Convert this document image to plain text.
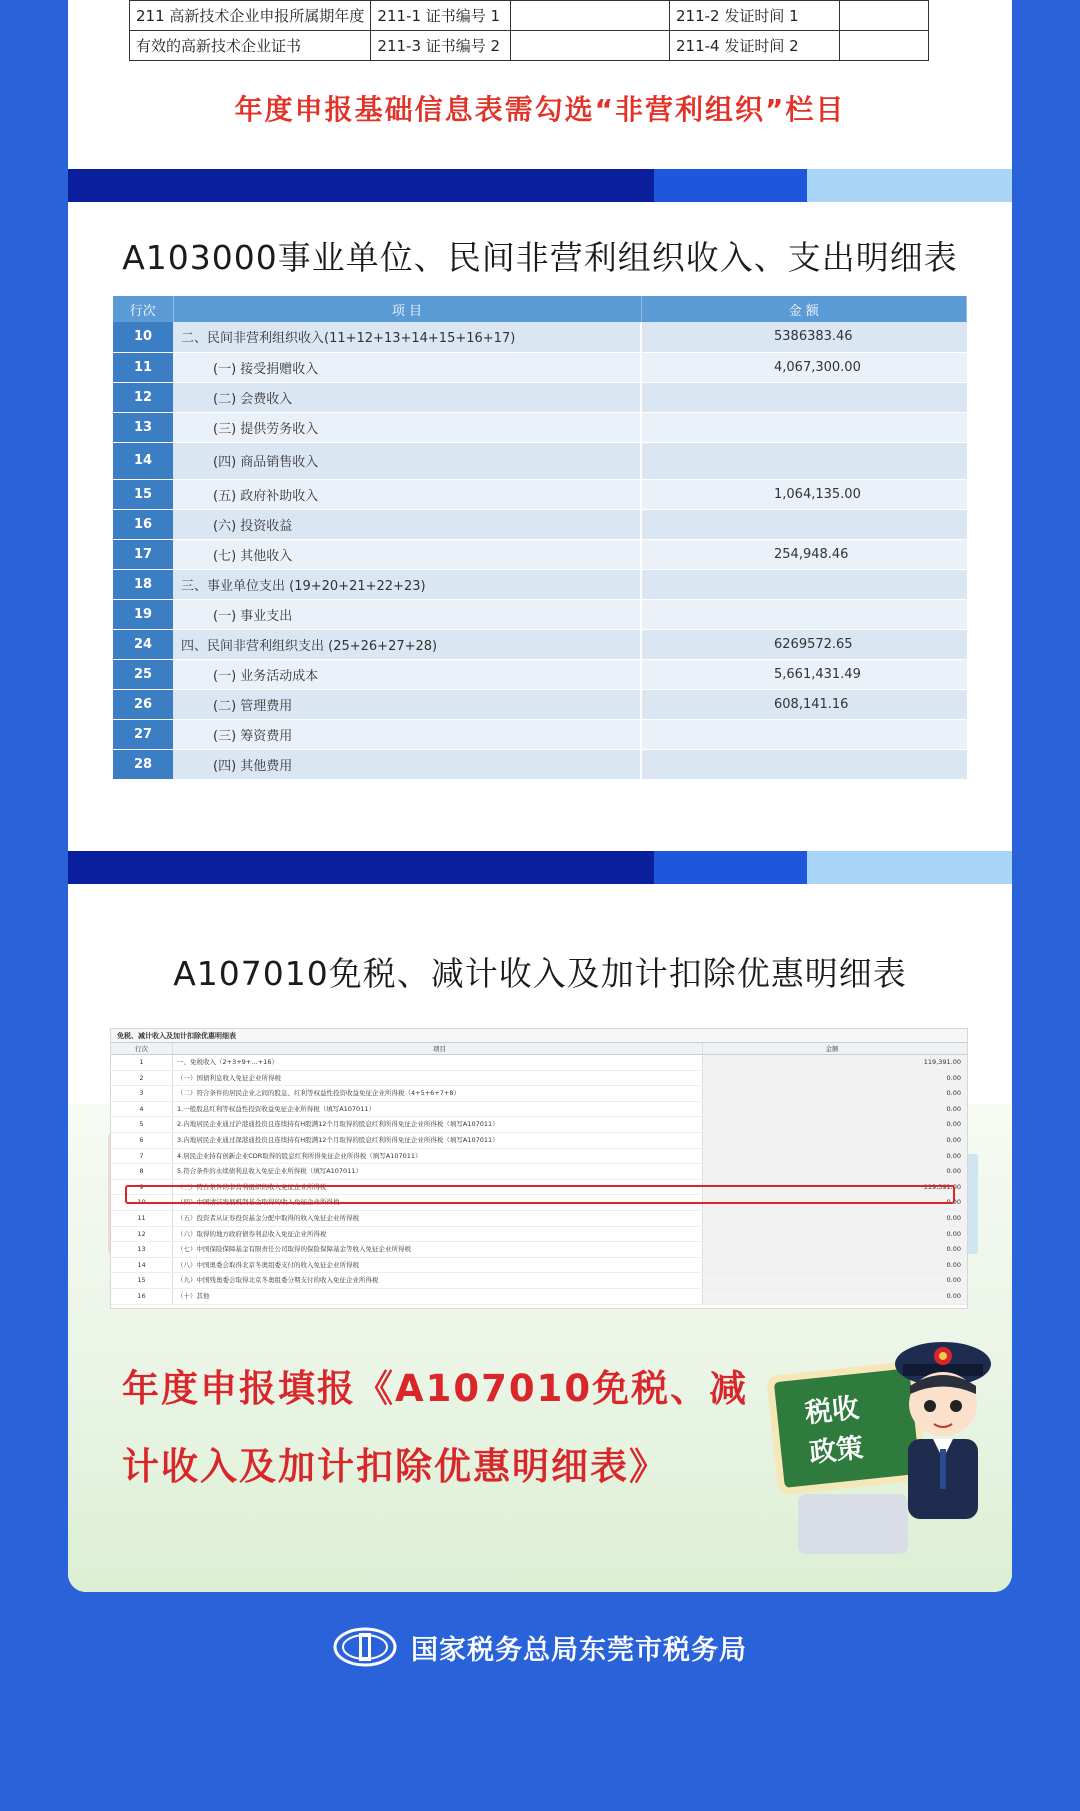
211 高新技术企业申报所属期年度	211-1 证书编号 1		211-2 发证时间 1	
有效的高新技术企业证书	211-3 证书编号 2		211-4 发证时间 2	
年度申报基础信息表需勾选“非营利组织”栏目
A103000事业单位、民间非营利组织收入、支出明细表
行次	项 目	金 额
10	二、民间非营利组织收入(11+12+13+14+15+16+17)	5386383.46
11	(一) 接受捐赠收入	4,067,300.00
12	(二) 会费收入	
13	(三) 提供劳务收入	
14	(四) 商品销售收入	
15	(五) 政府补助收入	1,064,135.00
16	(六) 投资收益	
17	(七) 其他收入	254,948.46
18	三、事业单位支出 (19+20+21+22+23)	
19	(一) 事业支出	
24	四、民间非营利组织支出 (25+26+27+28)	6269572.65
25	(一) 业务活动成本	5,661,431.49
26	(二) 管理费用	608,141.16
27	(三) 筹资费用	
28	(四) 其他费用	
A107010免税、减计收入及加计扣除优惠明细表
免税、减计收入及加计扣除优惠明细表
行次	项目	金额
1	一、免税收入（2+3+9+…+16）	119,391.00
2	（一）国债利息收入免征企业所得税	0.00
3	（二）符合条件的居民企业之间的股息、红利等权益性投资收益免征企业所得税（4+5+6+7+8）	0.00
4	1.一般股息红利等权益性投资收益免征企业所得税（填写A107011）	0.00
5	2.内地居民企业通过沪港通投资且连续持有H股满12个月取得的股息红利所得免征企业所得税（填写A107011）	0.00
6	3.内地居民企业通过深港通投资且连续持有H股满12个月取得的股息红利所得免征企业所得税（填写A107011）	0.00
7	4.居民企业持有创新企业CDR取得的股息红利所得免征企业所得税（填写A107011）	0.00
8	5.符合条件的永续债利息收入免征企业所得税（填写A107011）	0.00
9	（三）符合条件的非营利组织的收入免征企业所得税	119,391.00
10	（四）中国清洁发展机制基金取得的收入免征企业所得税	0.00
11	（五）投资者从证券投资基金分配中取得的收入免征企业所得税	0.00
12	（六）取得的地方政府债券利息收入免征企业所得税	0.00
13	（七）中国保险保障基金有限责任公司取得的保险保障基金等收入免征企业所得税	0.00
14	（八）中国奥委会取得北京冬奥组委支付的收入免征企业所得税	0.00
15	（九）中国残奥委会取得北京冬奥组委分期支付的收入免征企业所得税	0.00
16	（十）其他	0.00
年度申报填报《A107010免税、减
计收入及加计扣除优惠明细表》
税收
政策
国家税务总局东莞市税务局
